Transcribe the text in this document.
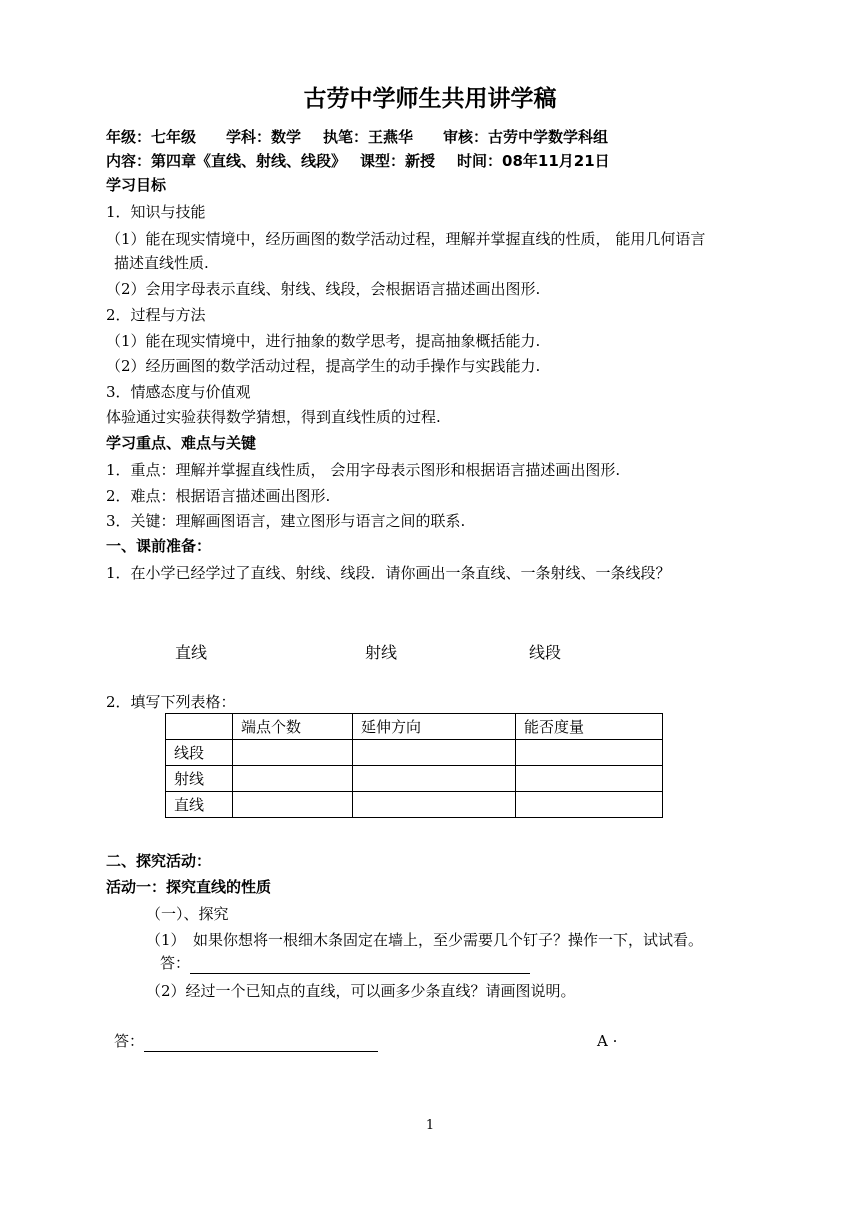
古劳中学师生共用讲学稿
年级：七年级 学科：数学 执笔：王燕华 审核：古劳中学数学科组
内容：第四章《直线、射线、线段》 课型：新授 时间：08年11月21日
学习目标
1．知识与技能
（1）能在现实情境中，经历画图的数学活动过程，理解并掌握直线的性质， 能用几何语言
描述直线性质.
（2）会用字母表示直线、射线、线段，会根据语言描述画出图形.
2．过程与方法
（1）能在现实情境中，进行抽象的数学思考，提高抽象概括能力.
（2）经历画图的数学活动过程，提高学生的动手操作与实践能力.
3．情感态度与价值观
体验通过实验获得数学猜想，得到直线性质的过程.
学习重点、难点与关键
1．重点：理解并掌握直线性质， 会用字母表示图形和根据语言描述画出图形.
2．难点：根据语言描述画出图形.
3．关键：理解画图语言，建立图形与语言之间的联系.
一、课前准备：
1．在小学已经学过了直线、射线、线段．请你画出一条直线、一条射线、一条线段？
直线	射线	线段
2．填写下列表格：
	端点个数	延伸方向	能否度量
线段			
射线			
直线			
二、探究活动：
活动一：探究直线的性质
（一）、探究
（1）　如果你想将一根细木条固定在墙上，至少需要几个钉子？操作一下，试试看。
答：
（2）经过一个已知点的直线，可以画多少条直线？请画图说明。
答：	A ·
1
